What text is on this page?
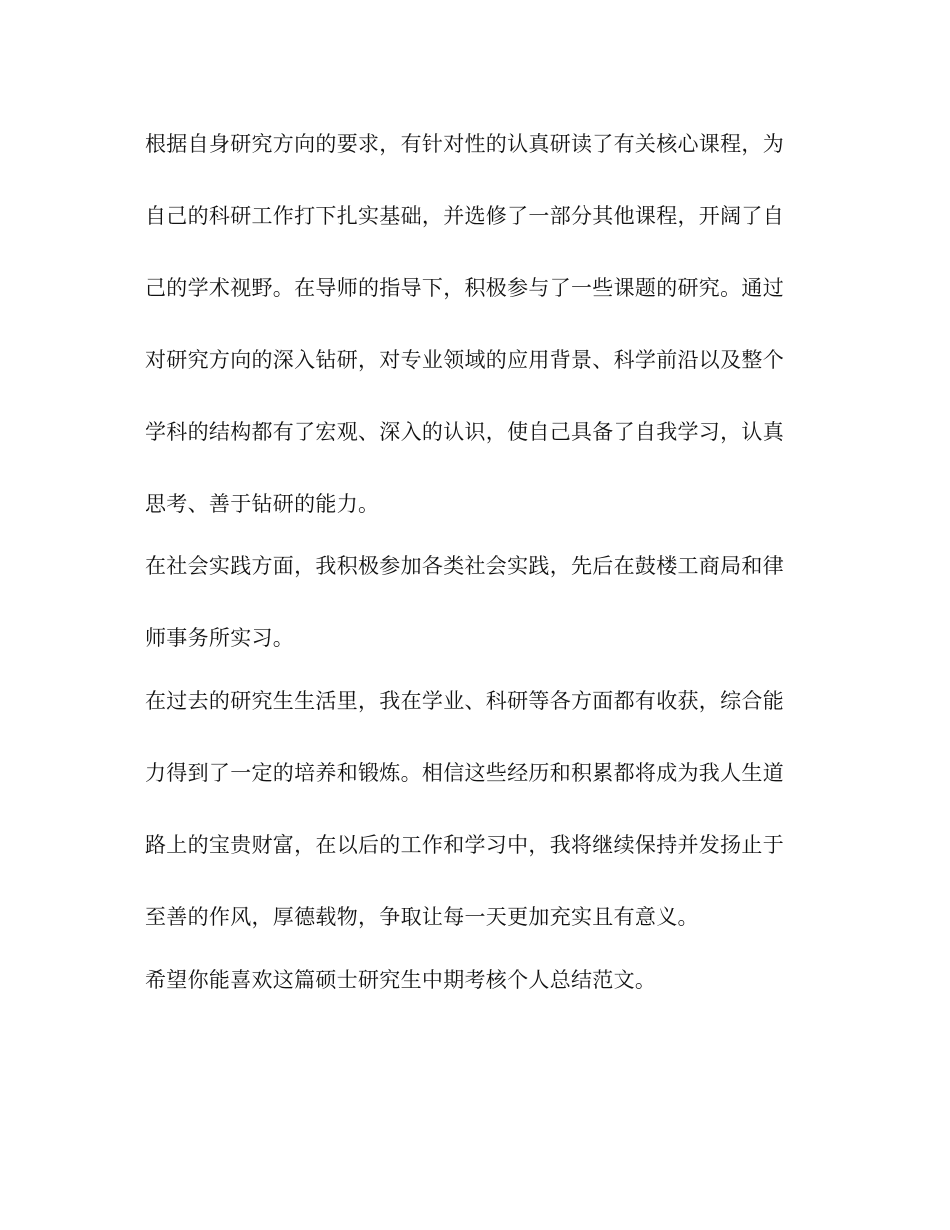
根据自身研究方向的要求，有针对性的认真研读了有关核心课程，为
自己的科研工作打下扎实基础，并选修了一部分其他课程，开阔了自
己的学术视野。在导师的指导下，积极参与了一些课题的研究。通过
对研究方向的深入钻研，对专业领域的应用背景、科学前沿以及整个
学科的结构都有了宏观、深入的认识，使自己具备了自我学习，认真
思考、善于钻研的能力。
在社会实践方面，我积极参加各类社会实践，先后在鼓楼工商局和律
师事务所实习。
在过去的研究生生活里，我在学业、科研等各方面都有收获，综合能
力得到了一定的培养和锻炼。相信这些经历和积累都将成为我人生道
路上的宝贵财富，在以后的工作和学习中，我将继续保持并发扬止于
至善的作风，厚德载物，争取让每一天更加充实且有意义。
希望你能喜欢这篇硕士研究生中期考核个人总结范文。
